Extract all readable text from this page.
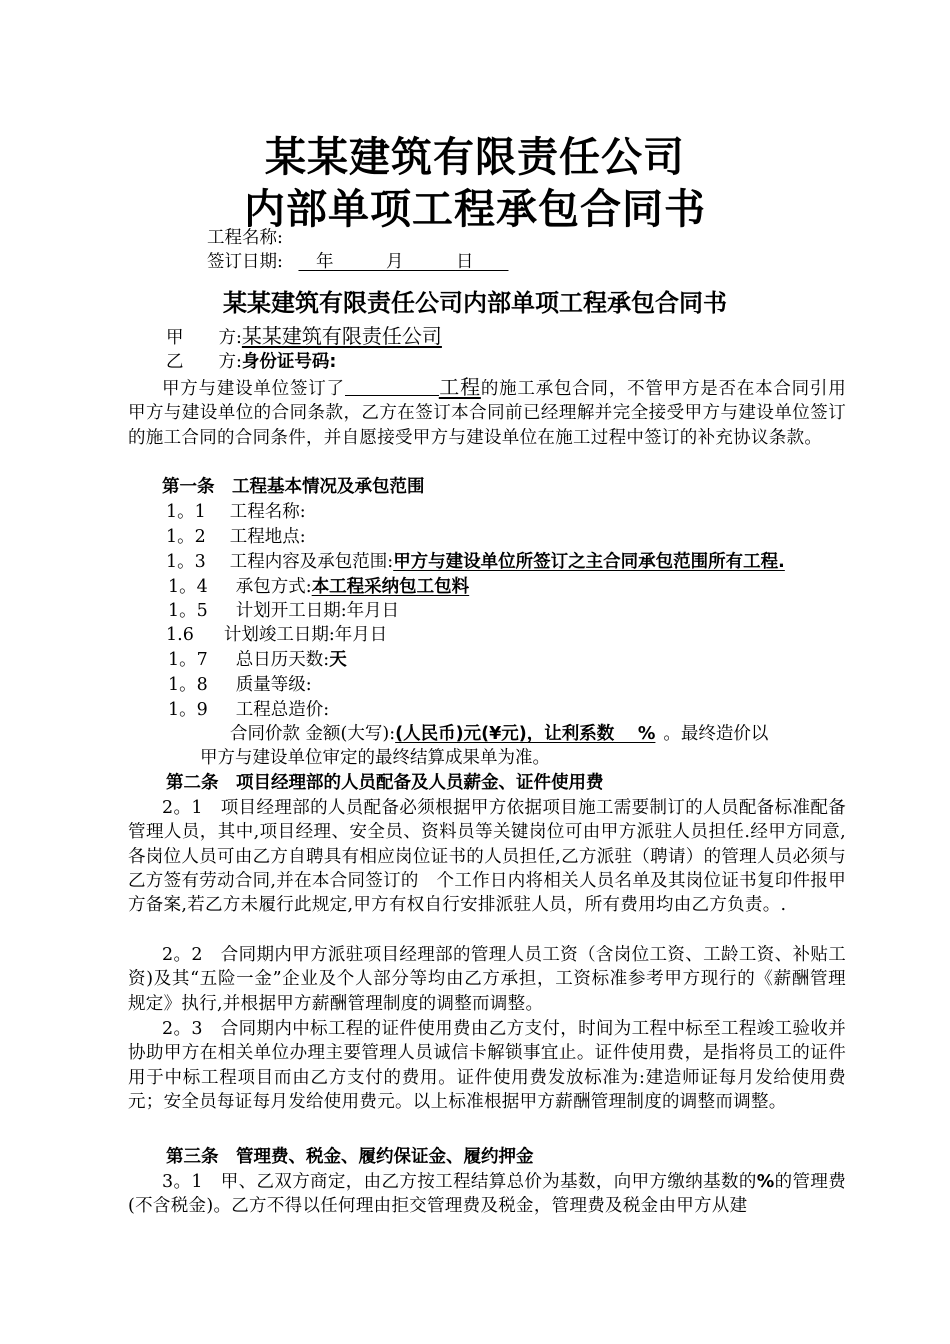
某某建筑有限责任公司
内部单项工程承包合同书
工程名称:
签订日期: 　 年　　　	月　　　	日　　
某某建筑有限责任公司内部单项工程承包合同书
甲　　方:某某建筑有限责任公司
乙　　方:身份证号码:
甲方与建设单位签订了	工程的施工承包合同，不管甲方是否在本合同引用甲方与建设单位的合同条款，乙方在签订本合同前已经理解并完全接受甲方与建设单位签订的施工合同的合同条件，并自愿接受甲方与建设单位在施工过程中签订的补充协议条款。
第一条　工程基本情况及承包范围
1。1 工程名称:
1。2 工程地点:
1。3 工程内容及承包范围:甲方与建设单位所签订之主合同承包范围所有工程.
1。4 承包方式:本工程采纳包工包料
1。5 计划开工日期:年月日
1.6 计划竣工日期:年月日
1。7 总日历天数:天
1。8 质量等级:
1。9 工程总造价:
合同价款 金额(大写):(人民币)元(¥元)，让利系数　 % 。最终造价以
甲方与建设单位审定的最终结算成果单为准。
第二条　项目经理部的人员配备及人员薪金、证件使用费
2。1　项目经理部的人员配备必须根据甲方依据项目施工需要制订的人员配备标准配备管理人员，其中,项目经理、安全员、资料员等关键岗位可由甲方派驻人员担任.经甲方同意,各岗位人员可由乙方自聘具有相应岗位证书的人员担任,乙方派驻（聘请）的管理人员必须与乙方签有劳动合同,并在本合同签订的　个工作日内将相关人员名单及其岗位证书复印件报甲方备案,若乙方未履行此规定,甲方有权自行安排派驻人员，所有费用均由乙方负责。.
2。2　合同期内甲方派驻项目经理部的管理人员工资（含岗位工资、工龄工资、补贴工资)及其“五险一金”企业及个人部分等均由乙方承担，工资标准参考甲方现行的《薪酬管理规定》执行,并根据甲方薪酬管理制度的调整而调整。
2。3　合同期内中标工程的证件使用费由乙方支付，时间为工程中标至工程竣工验收并协助甲方在相关单位办理主要管理人员诚信卡解锁事宜止。证件使用费，是指将员工的证件用于中标工程项目而由乙方支付的费用。证件使用费发放标准为:建造师证每月发给使用费元；安全员每证每月发给使用费元。以上标准根据甲方薪酬管理制度的调整而调整。
第三条　管理费、税金、履约保证金、履约押金
3。1　甲、乙双方商定，由乙方按工程结算总价为基数，向甲方缴纳基数的%的管理费(不含税金)。乙方不得以任何理由拒交管理费及税金，管理费及税金由甲方从建
